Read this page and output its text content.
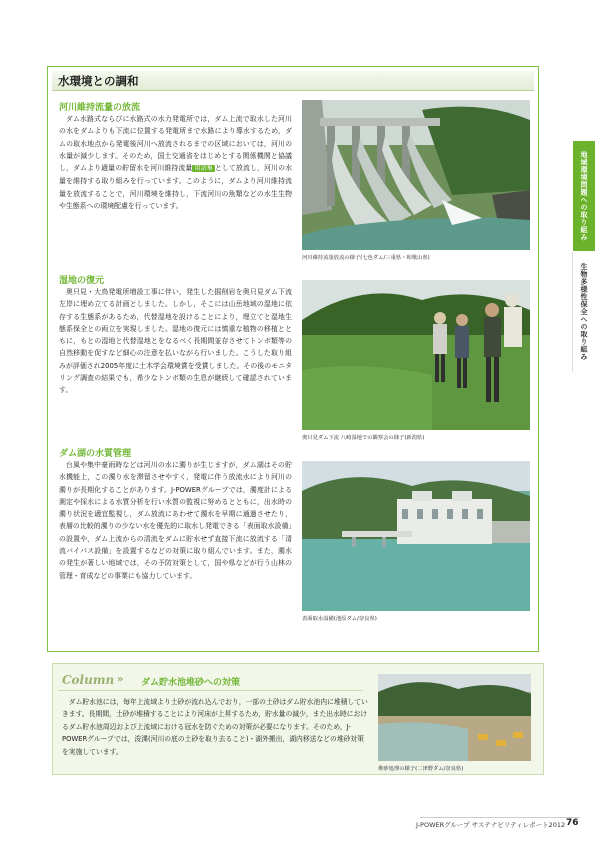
地域環境問題への取り組み
生物多様性保全への取り組み
水環境との調和
河川維持流量の放流

ダム水路式ならびに水路式の水力発電所では，ダム上流で取水した河川の水をダムよりも下流に位置する発電所まで水路により導水するため，ダムの取水地点から発電後河川へ放流されるまでの区域においては，河川の水量が減少します。そのため，国土交通省をはじめとする関係機関と協議し，ダムより適量の貯留水を河川維持流量 用語集 として放流し，河川の水量を維持する取り組みを行っています。このように，ダムより河川維持流量を放流することで，河川環境を維持し，下流河川の魚類などの水生生物や生態系への環境配慮を行っています。

河川維持流量放流の様子(七色ダム/三重県・和歌山県)
湿地の復元

奥只見・大鳥発電所増設工事に伴い，発生した掘削岩を奥只見ダム下流左岸に埋め立てる計画としました。しかし，そこには山岳地域の湿地に依存する生態系があるため，代替湿地を設けることにより，埋立てと湿地生態系保全との両立を実現しました。湿地の復元には慎重な植物の移植とともに，もとの湿地と代替湿地とをなるべく長期間並存させてトンボ類等の自然移動を促すなど細心の注意を払いながら行いました。こうした取り組みが評価され2005年度に土木学会環境賞を受賞しました。その後のモニタリング調査の結果でも，希少なトンボ類の生息が継続して確認されています。

奥只見ダム下流 八崎湿地での観察会の様子(新潟県)
ダム湖の水質管理

台風や集中豪雨時などは河川の水に濁りが生じますが，ダム湖はその貯水機能上，この濁り水を滞留させやすく，発電に伴う放流水により河川の濁りが長期化することがあります。J-POWERグループでは，濁度計による測定や採水による水質分析を行い水質の監視に努めるとともに，出水時の濁り状況を適宜監視し，ダム放流にあわせて濁水を早期に通過させたり，表層の比較的濁りの少ない水を優先的に取水し発電できる「表面取水設備」の設置や，ダム上流からの清流をダムに貯水せず直接下流に放流する「清流バイパス設備」を設置するなどの対策に取り組んでいます。また，濁水の発生が著しい地域では，その予防対策として，国や県などが行う山林の管理・育成などの事業にも協力しています。

表面取水設備(池原ダム/奈良県)
Column » ダム貯水池堆砂への対策

ダム貯水池には，毎年上流域より土砂が流れ込んでおり，一部の土砂はダム貯水池内に堆積していきます。長期間，土砂が堆積することにより河床が上昇するため，貯水量の減少，また出水時におけるダム貯水池周辺および上流域における冠水を防ぐための対策が必要になります。そのため，J-POWERグループでは，浚渫(河川の底の土砂を取り去ること)・湖外搬出，湖内移送などの堆砂対策を実施しています。

堆砂処理の様子(二津野ダム/奈良県)
J-POWERグループ サステナビリティレポート2012 76
